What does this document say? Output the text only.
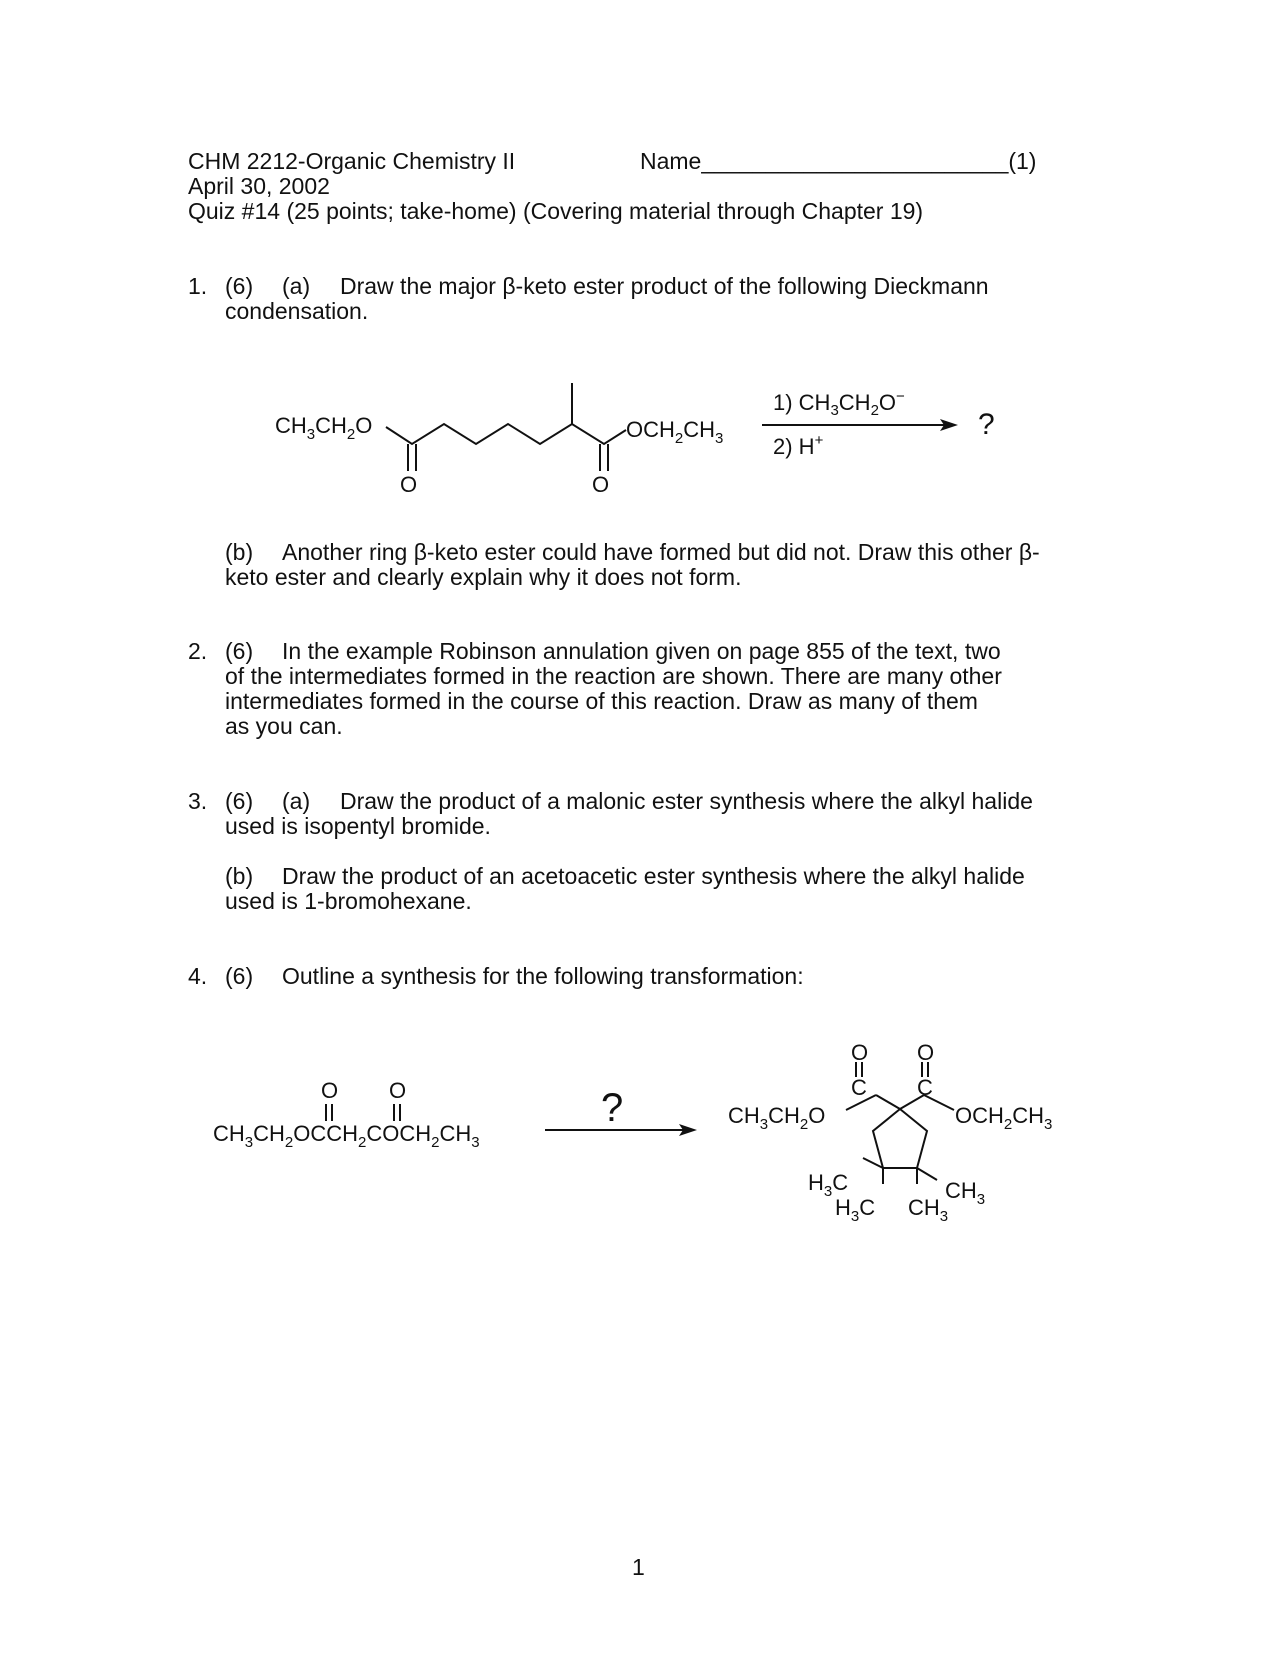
CHM 2212-Organic Chemistry II	Name________________________(1)
April 30, 2002
Quiz #14 (25 points; take-home) (Covering material through Chapter 19)
1. (6) (a) Draw the major β-keto ester product of the following Dieckmann
condensation.
$CH_3CH_2O$
O	O
$OCH_2CH_3$
1) $CH_3CH_2O^-$
2) H+	?
(b) Another ring β-keto ester could have formed but did not. Draw this other β-
keto ester and clearly explain why it does not form.
2. (6) In the example Robinson annulation given on page 855 of the text, two
of the intermediates formed in the reaction are shown. There are many other
intermediates formed in the course of this reaction. Draw as many of them
as you can.
3. (6) (a) Draw the product of a malonic ester synthesis where the alkyl halide
used is isopentyl bromide.
(b) Draw the product of an acetoacetic ester synthesis where the alkyl halide
used is 1-bromohexane.
4. (6) Outline a synthesis for the following transformation:
$CH_3CH_2OCCH_2COCH_2CH_3$
O O
O O
C C
$CH_3CH_2O$	$OCH_2CH_3$
$H_3C$
$H_3C$
$CH_3$
$CH_3$
?
1
